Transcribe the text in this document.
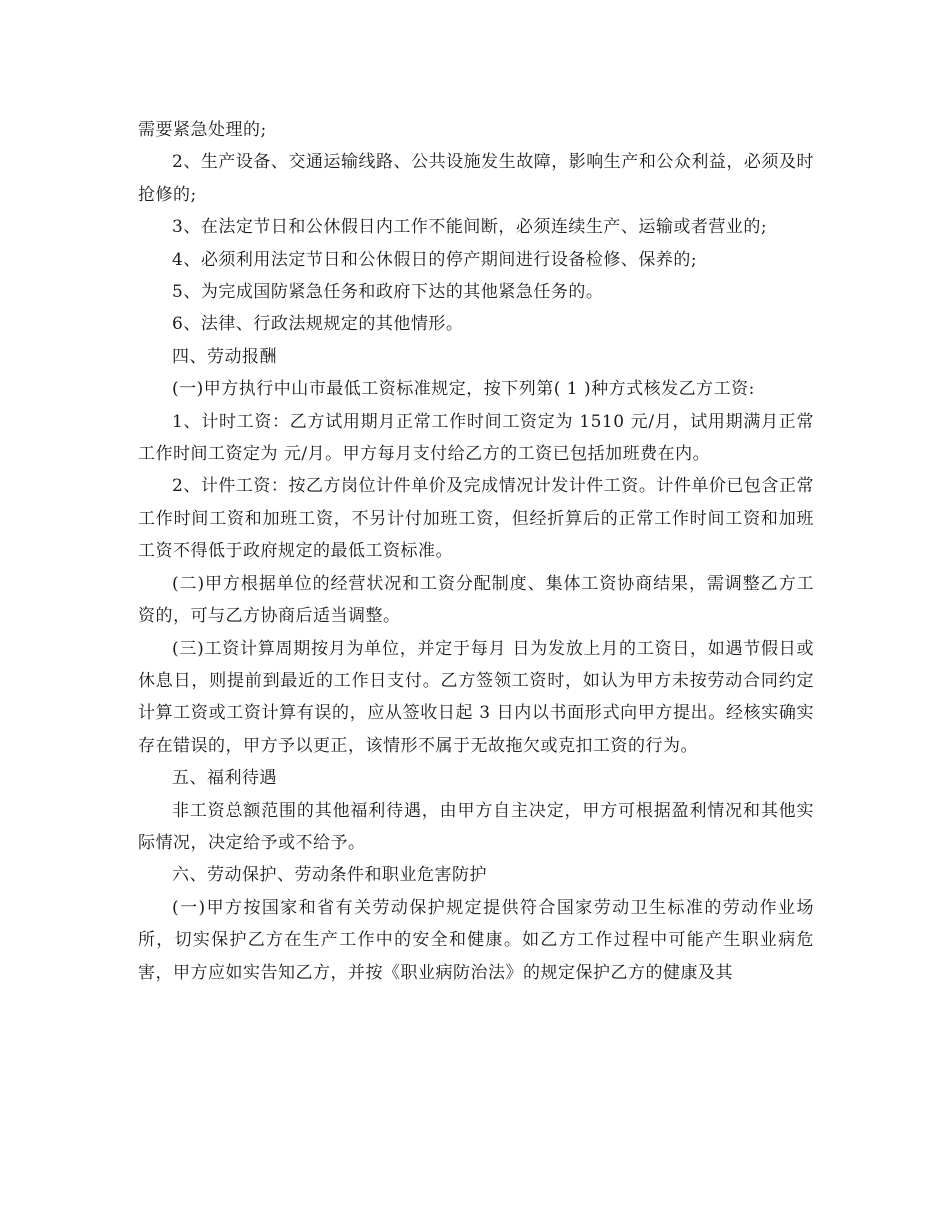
需要紧急处理的;

2、生产设备、交通运输线路、公共设施发生故障，影响生产和公众利益，必须及时抢修的;

3、在法定节日和公休假日内工作不能间断，必须连续生产、运输或者营业的;

4、必须利用法定节日和公休假日的停产期间进行设备检修、保养的;

5、为完成国防紧急任务和政府下达的其他紧急任务的。

6、法律、行政法规规定的其他情形。

四、劳动报酬

(一)甲方执行中山市最低工资标准规定，按下列第( 1 )种方式核发乙方工资:

1、计时工资：乙方试用期月正常工作时间工资定为 1510 元/月，试用期满月正常工作时间工资定为 元/月。甲方每月支付给乙方的工资已包括加班费在内。

2、计件工资：按乙方岗位计件单价及完成情况计发计件工资。计件单价已包含正常工作时间工资和加班工资，不另计付加班工资，但经折算后的正常工作时间工资和加班工资不得低于政府规定的最低工资标准。

(二)甲方根据单位的经营状况和工资分配制度、集体工资协商结果，需调整乙方工资的，可与乙方协商后适当调整。

(三)工资计算周期按月为单位，并定于每月 日为发放上月的工资日，如遇节假日或休息日，则提前到最近的工作日支付。乙方签领工资时，如认为甲方未按劳动合同约定计算工资或工资计算有误的，应从签收日起 3 日内以书面形式向甲方提出。经核实确实存在错误的，甲方予以更正，该情形不属于无故拖欠或克扣工资的行为。

五、福利待遇

非工资总额范围的其他福利待遇，由甲方自主决定，甲方可根据盈利情况和其他实际情况，决定给予或不给予。

六、劳动保护、劳动条件和职业危害防护

(一)甲方按国家和省有关劳动保护规定提供符合国家劳动卫生标准的劳动作业场所，切实保护乙方在生产工作中的安全和健康。如乙方工作过程中可能产生职业病危害，甲方应如实告知乙方，并按《职业病防治法》的规定保护乙方的健康及其
